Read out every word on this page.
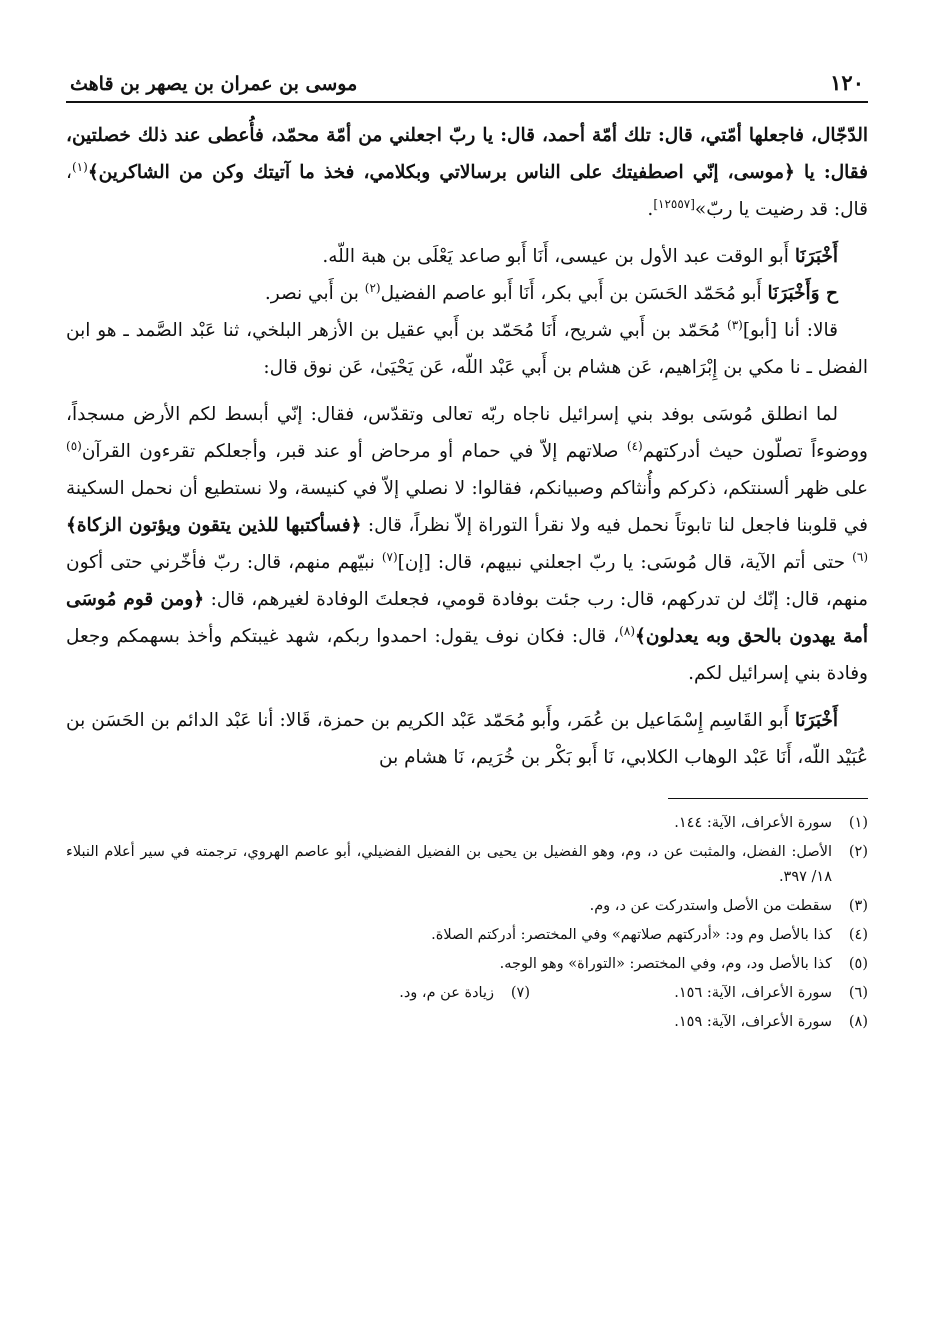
١٢٠
موسى بن عمران بن يصهر بن قاهث

الدّجّال، فاجعلها أمّتي، قال: تلك أمّة أحمد، قال: يا ربّ اجعلني من أمّة محمّد، فأُعطى عند ذلك خصلتين، فقال: يا ﴿موسى، إنّي اصطفيتك على الناس برسالاتي وبكلامي، فخذ ما آتيتك وكن من الشاكرين﴾$^{(١)}$، قال: قد رضيت يا ربّ»[١٢٥٥٧].

أَخْبَرَنَا أَبو الوقت عبد الأول بن عيسى، أَنَا أَبو صاعد يَعْلَى بن هبة اللّه.

ح وَأَخْبَرَنَا أَبو مُحَمّد الحَسَن بن أَبي بكر، أَنَا أَبو عاصم الفضيل$^{(٢)}$ بن أَبي نصر.

قالا: أنا [أبو]$^{(٣)}$ مُحَمّد بن أَبي شريح، أَنَا مُحَمّد بن أَبي عقيل بن الأزهر البلخي، ثنا عَبْد الصَّمد ـ هو ابن الفضل ـ نا مكي بن إِبْرَاهيم، عَن هشام بن أَبي عَبْد اللّه، عَن يَحْيَىٰ، عَن نوق قال:

لما انطلق مُوسَى بوفد بني إسرائيل ناجاه ربّه تعالى وتقدّس، فقال: إنّي أبسط لكم الأرض مسجداً، ووضوءاً تصلّون حيث أدركتهم$^{(٤)}$ صلاتهم إلاّ في حمام أو مرحاض أو عند قبر، وأجعلكم تقرءون القرآن$^{(٥)}$ على ظهر ألسنتكم، ذكركم وأُنثاكم وصبيانكم، فقالوا: لا نصلي إلاّ في كنيسة، ولا نستطيع أن نحمل السكينة في قلوبنا فاجعل لنا تابوتاً نحمل فيه ولا نقرأ التوراة إلاّ نظراً، قال: ﴿فسأكتبها للذين يتقون ويؤتون الزكاة﴾$^{(٦)}$ حتى أتم الآية، قال مُوسَى: يا ربّ اجعلني نبيهم، قال: [إن]$^{(٧)}$ نبيّهم منهم، قال: ربّ فأخّرني حتى أكون منهم، قال: إنّك لن تدركهم، قال: رب جئت بوفادة قومي، فجعلتَ الوفادة لغيرهم، قال: ﴿ومن قوم مُوسَى أمة يهدون بالحق وبه يعدلون﴾$^{(٨)}$، قال: فكان نوف يقول: احمدوا ربكم، شهد غيبتكم وأخذ بسهمكم وجعل وفادة بني إسرائيل لكم.

أَخْبَرَنَا أَبو القَاسِم إِسْمَاعيل بن عُمَر، وأَبو مُحَمّد عَبْد الكريم بن حمزة، قَالا: أنا عَبْد الدائم بن الحَسَن بن عُبَيْد اللّه، أَنَا عَبْد الوهاب الكلابي، نَا أَبو بَكْر بن خُرَيم، نَا هشام بن

(١)
سورة الأعراف، الآية: ١٤٤.
(٢)
الأصل: الفضل، والمثبت عن د، وم، وهو الفضيل بن يحيى بن الفضيل الفضيلي، أبو عاصم الهروي، ترجمته في سير أعلام النبلاء ١٨/ ٣٩٧.
(٣)
سقطت من الأصل واستدركت عن د، وم.
(٤)
كذا بالأصل وم ود: «أدركتهم صلاتهم» وفي المختصر: أدركتم الصلاة.
(٥)
كذا بالأصل ود، وم، وفي المختصر: «التوراة» وهو الوجه.
(٦)
سورة الأعراف، الآية: ١٥٦.
(٧)
زيادة عن م، ود.
(٨)
سورة الأعراف، الآية: ١٥٩.
